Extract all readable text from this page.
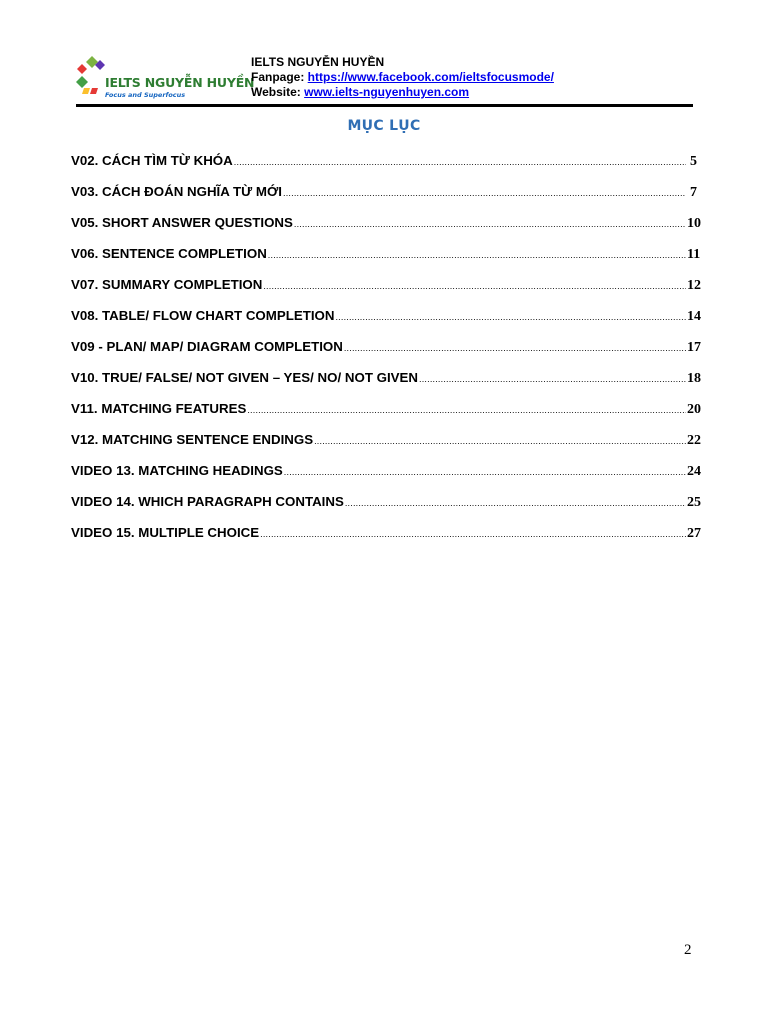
IELTS NGUYỄN HUYỀN
Focus and Superfocus
IELTS NGUYỄN HUYỀN
Fanpage: https://www.facebook.com/ieltsfocusmode/
Website: www.ielts-nguyenhuyen.com
MỤC LỤC
V02. CÁCH TÌM TỪ KHÓA .....	5
V03. CÁCH ĐOÁN NGHĨA TỪ MỚI .....	7
V05. SHORT ANSWER QUESTIONS .....	10
V06. SENTENCE COMPLETION .....	11
V07. SUMMARY COMPLETION .....	12
V08. TABLE/ FLOW CHART COMPLETION .....	14
V09 - PLAN/ MAP/ DIAGRAM COMPLETION .....	17
V10. TRUE/ FALSE/ NOT GIVEN – YES/ NO/ NOT GIVEN .....	18
V11. MATCHING FEATURES .....	20
V12. MATCHING SENTENCE ENDINGS .....	22
VIDEO 13. MATCHING HEADINGS .....	24
VIDEO 14. WHICH PARAGRAPH CONTAINS .....	25
VIDEO 15. MULTIPLE CHOICE .....	27
2
